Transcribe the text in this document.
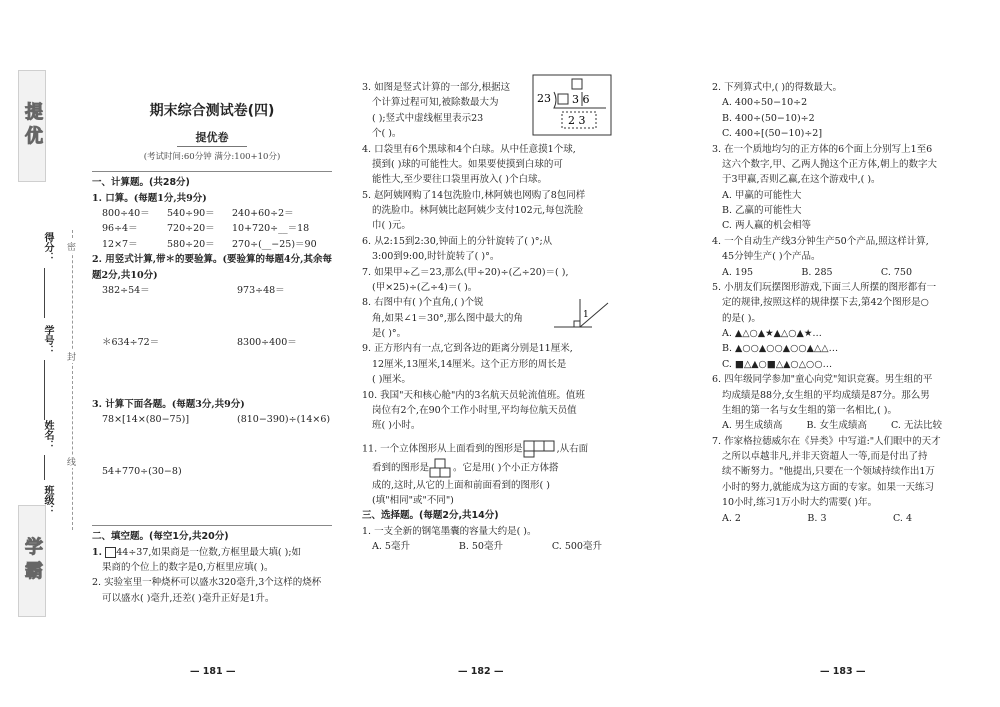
提优
学霸
得分：
学号：
姓名：
班级：
密
封
线
期末综合测试卷(四)
提优卷
(考试时间:60分钟 满分:100+10分)

一、计算题。(共28分)

1. 口算。(每题1分,共9分)

800÷40＝	540÷90＝	240+60÷2＝
96÷4＝	720÷20＝	10+720÷__＝18
12×7＝	580÷20＝	270÷(__−25)＝90

2. 用竖式计算,带＊的要验算。(要验算的每题4分,其余每题2分,共10分)

382÷54＝	973÷48＝
＊634÷72＝	8300÷400＝

3. 计算下面各题。(每题3分,共9分)

78×[14×(80−75)]	(810−390)÷(14×6)
54+770÷(30−8)

二、填空题。(每空1分,共20分)

1. 44÷37,如果商是一位数,方框里最大填( );如

果商的个位上的数字是0,方框里应填( )。

2. 实验室里一种烧杯可以盛水320毫升,3个这样的烧杯

可以盛水( )毫升,还差( )毫升正好是1升。

— 181 —

3. 如图是竖式计算的一部分,根据这

个计算过程可知,被除数最大为

( );竖式中虚线框里表示23

个( )。

23 3 6
2 3

4. 口袋里有6个黑球和4个白球。从中任意摸1个球,

摸到( )球的可能性大。如果要使摸到白球的可

能性大,至少要往口袋里再放入( )个白球。

5. 赵阿姨网购了14包洗脸巾,林阿姨也网购了8包同样

的洗脸巾。林阿姨比赵阿姨少支付102元,每包洗脸

巾( )元。

6. 从2:15到2:30,钟面上的分针旋转了( )°;从

3:00到9:00,时针旋转了( )°。

7. 如果甲÷乙＝23,那么(甲÷20)÷(乙÷20)＝( ),

(甲×25)÷(乙÷4)＝( )。

8. 右图中有( )个直角,( )个锐

角,如果∠1＝30°,那么图中最大的角

是( )°。

1

9. 正方形内有一点,它到各边的距离分别是11厘米,

12厘米,13厘米,14厘米。这个正方形的周长是

( )厘米。

10. 我国"天和核心舱"内的3名航天员轮流值班。值班

岗位有2个,在90个工作小时里,平均每位航天员值

班( )小时。

11. 一个立体图形从上面看到的图形是	,从右面

看到的图形是	。它是用( )个小正方体搭

成的,这时,从它的上面和前面看到的图形( )

(填"相同"或"不同")

三、选择题。(每题2分,共14分)

1. 一支全新的钢笔墨囊的容量大约是( )。

A. 5毫升	B. 50毫升	C. 500毫升
— 182 —

2. 下列算式中,( )的得数最大。

A. 400÷50−10÷2

B. 400÷(50−10)÷2

C. 400÷[(50−10)÷2]

3. 在一个质地均匀的正方体的6个面上分别写上1至6

这六个数字,甲、乙两人抛这个正方体,朝上的数字大

于3甲赢,否则乙赢,在这个游戏中,( )。

A. 甲赢的可能性大

B. 乙赢的可能性大

C. 两人赢的机会相等

4. 一个自动生产线3分钟生产50个产品,照这样计算,

45分钟生产( )个产品。

A. 195	B. 285	C. 750

5. 小朋友们玩摆图形游戏,下面三人所摆的图形都有一

定的规律,按照这样的规律摆下去,第42个图形是○

的是( )。

A. ▲△○▲★▲△○▲★…

B. ▲○○▲○○▲○○▲△△…

C. ■△▲○■△▲○△○○…

6. 四年级同学参加"童心向党"知识竞赛。男生组的平

均成绩是88分,女生组的平均成绩是87分。那么男

生组的第一名与女生组的第一名相比,( )。

A. 男生成绩高	B. 女生成绩高	C. 无法比较

7. 作家格拉德威尔在《异类》中写道:"人们眼中的天才

之所以卓越非凡,并非天资超人一等,而是付出了持

续不断努力。"他提出,只要在一个领域持续作出1万

小时的努力,就能成为这方面的专家。如果一天练习

10小时,练习1万小时大约需要( )年。

A. 2	B. 3	C. 4
— 183 —
